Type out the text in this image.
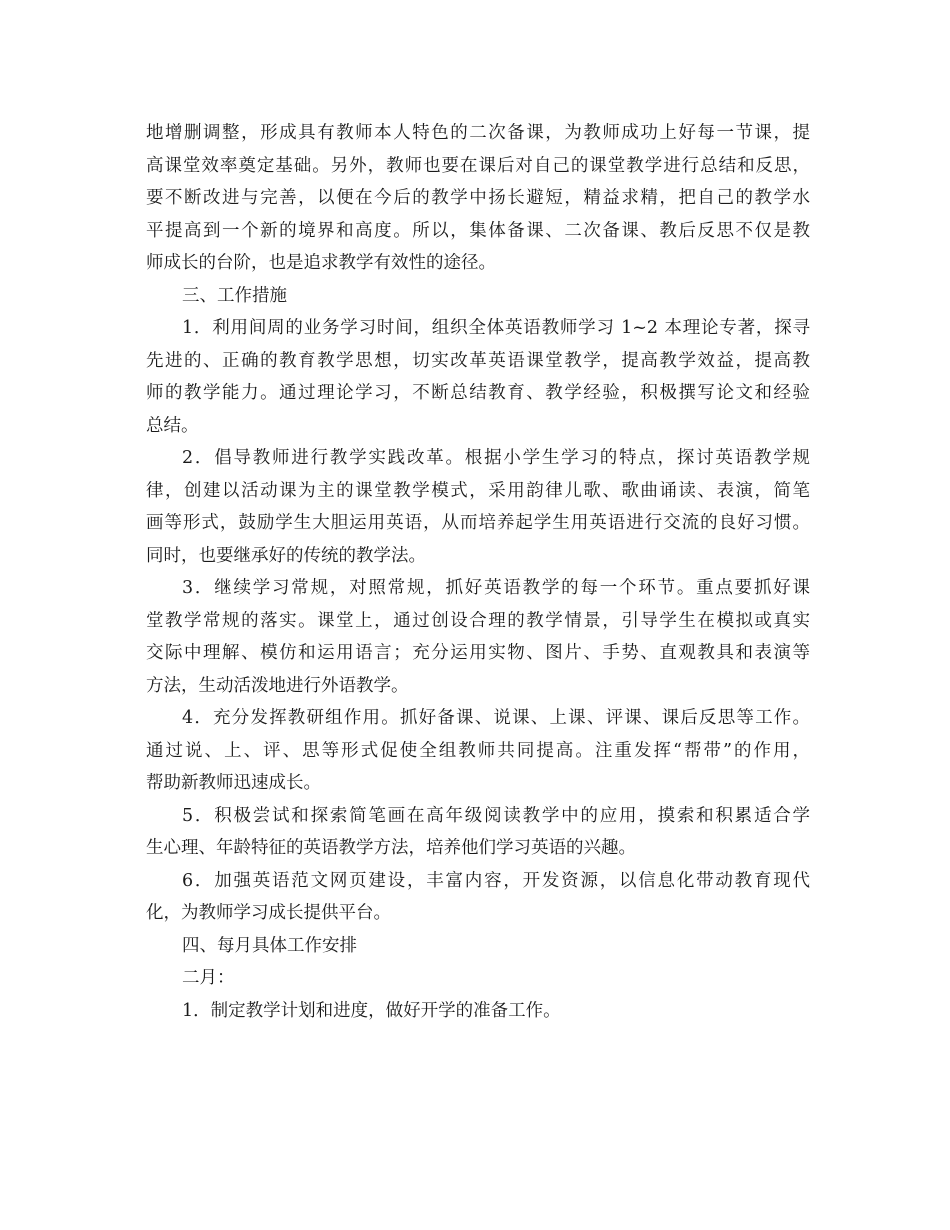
地增删调整，形成具有教师本人特色的二次备课，为教师成功上好每一节课，提
高课堂效率奠定基础。另外，教师也要在课后对自己的课堂教学进行总结和反思，
要不断改进与完善，以便在今后的教学中扬长避短，精益求精，把自己的教学水
平提高到一个新的境界和高度。所以，集体备课、二次备课、教后反思不仅是教
师成长的台阶，也是追求教学有效性的途径。
三、工作措施
1．利用间周的业务学习时间，组织全体英语教师学习 1~2 本理论专著，探寻
先进的、正确的教育教学思想，切实改革英语课堂教学，提高教学效益，提高教
师的教学能力。通过理论学习，不断总结教育、教学经验，积极撰写论文和经验
总结。
2．倡导教师进行教学实践改革。根据小学生学习的特点，探讨英语教学规
律，创建以活动课为主的课堂教学模式，采用韵律儿歌、歌曲诵读、表演，简笔
画等形式，鼓励学生大胆运用英语，从而培养起学生用英语进行交流的良好习惯。
同时，也要继承好的传统的教学法。
3．继续学习常规，对照常规，抓好英语教学的每一个环节。重点要抓好课
堂教学常规的落实。课堂上，通过创设合理的教学情景，引导学生在模拟或真实
交际中理解、模仿和运用语言；充分运用实物、图片、手势、直观教具和表演等
方法，生动活泼地进行外语教学。
4．充分发挥教研组作用。抓好备课、说课、上课、评课、课后反思等工作。
通过说、上、评、思等形式促使全组教师共同提高。注重发挥“帮带”的作用，
帮助新教师迅速成长。
5．积极尝试和探索简笔画在高年级阅读教学中的应用，摸索和积累适合学
生心理、年龄特征的英语教学方法，培养他们学习英语的兴趣。
6．加强英语范文网页建设，丰富内容，开发资源，以信息化带动教育现代
化，为教师学习成长提供平台。
四、每月具体工作安排
二月：
1．制定教学计划和进度，做好开学的准备工作。
